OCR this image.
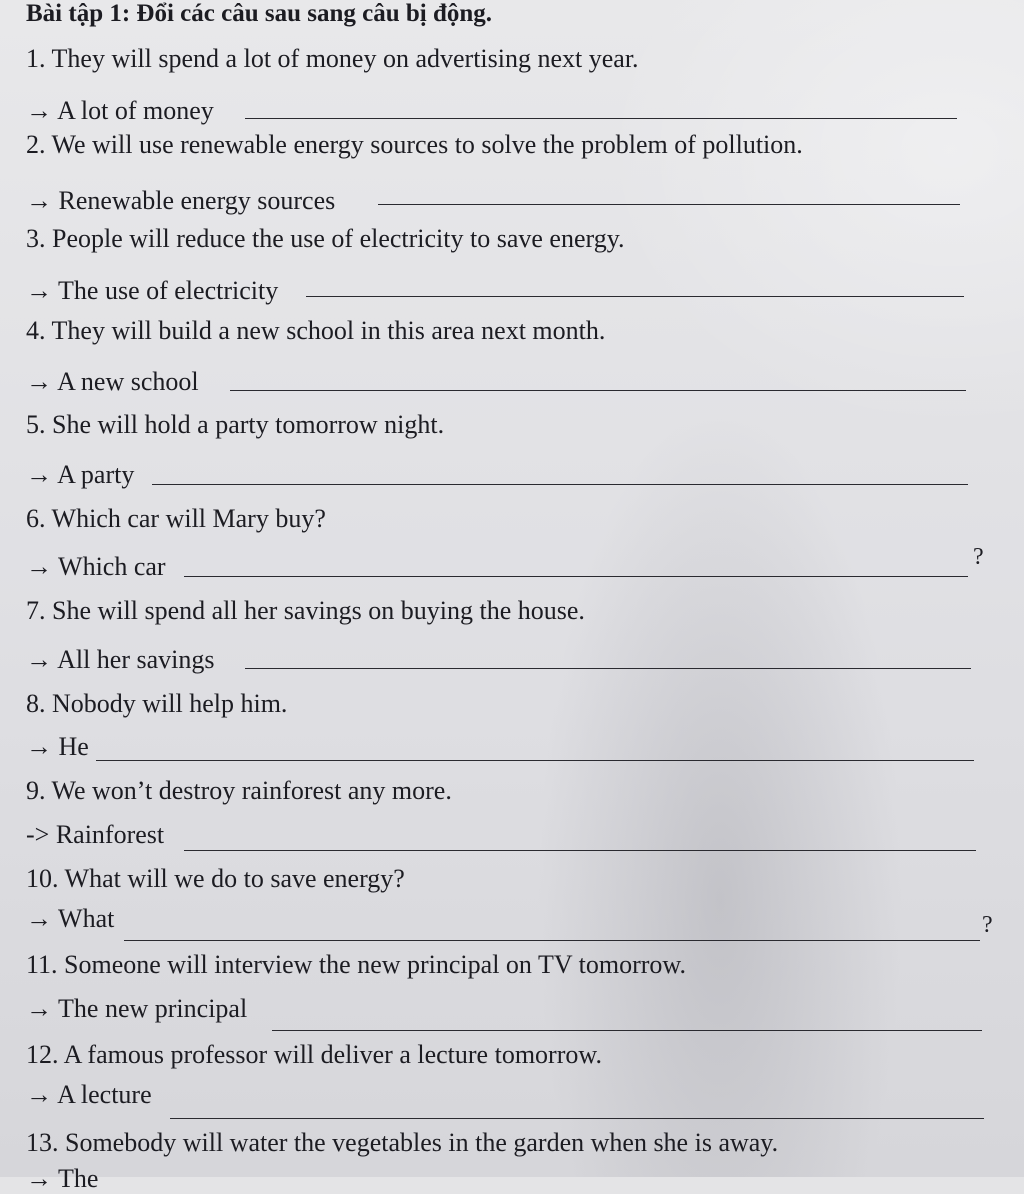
Bài tập 1: Đổi các câu sau sang câu bị động.
1. They will spend a lot of money on advertising next year.
→ A lot of money
2. We will use renewable energy sources to solve the problem of pollution.
→ Renewable energy sources
3. People will reduce the use of electricity to save energy.
→ The use of electricity
4. They will build a new school in this area next month.
→ A new school
5. She will hold a party tomorrow night.
→ A party
6. Which car will Mary buy?
→ Which car	?
7. She will spend all her savings on buying the house.
→ All her savings
8. Nobody will help him.
→ He
9. We won’t destroy rainforest any more.
-> Rainforest
10. What will we do to save energy?
→ What	?
11. Someone will interview the new principal on TV tomorrow.
→ The new principal
12. A famous professor will deliver a lecture tomorrow.
→ A lecture
13. Somebody will water the vegetables in the garden when she is away.
→ The
